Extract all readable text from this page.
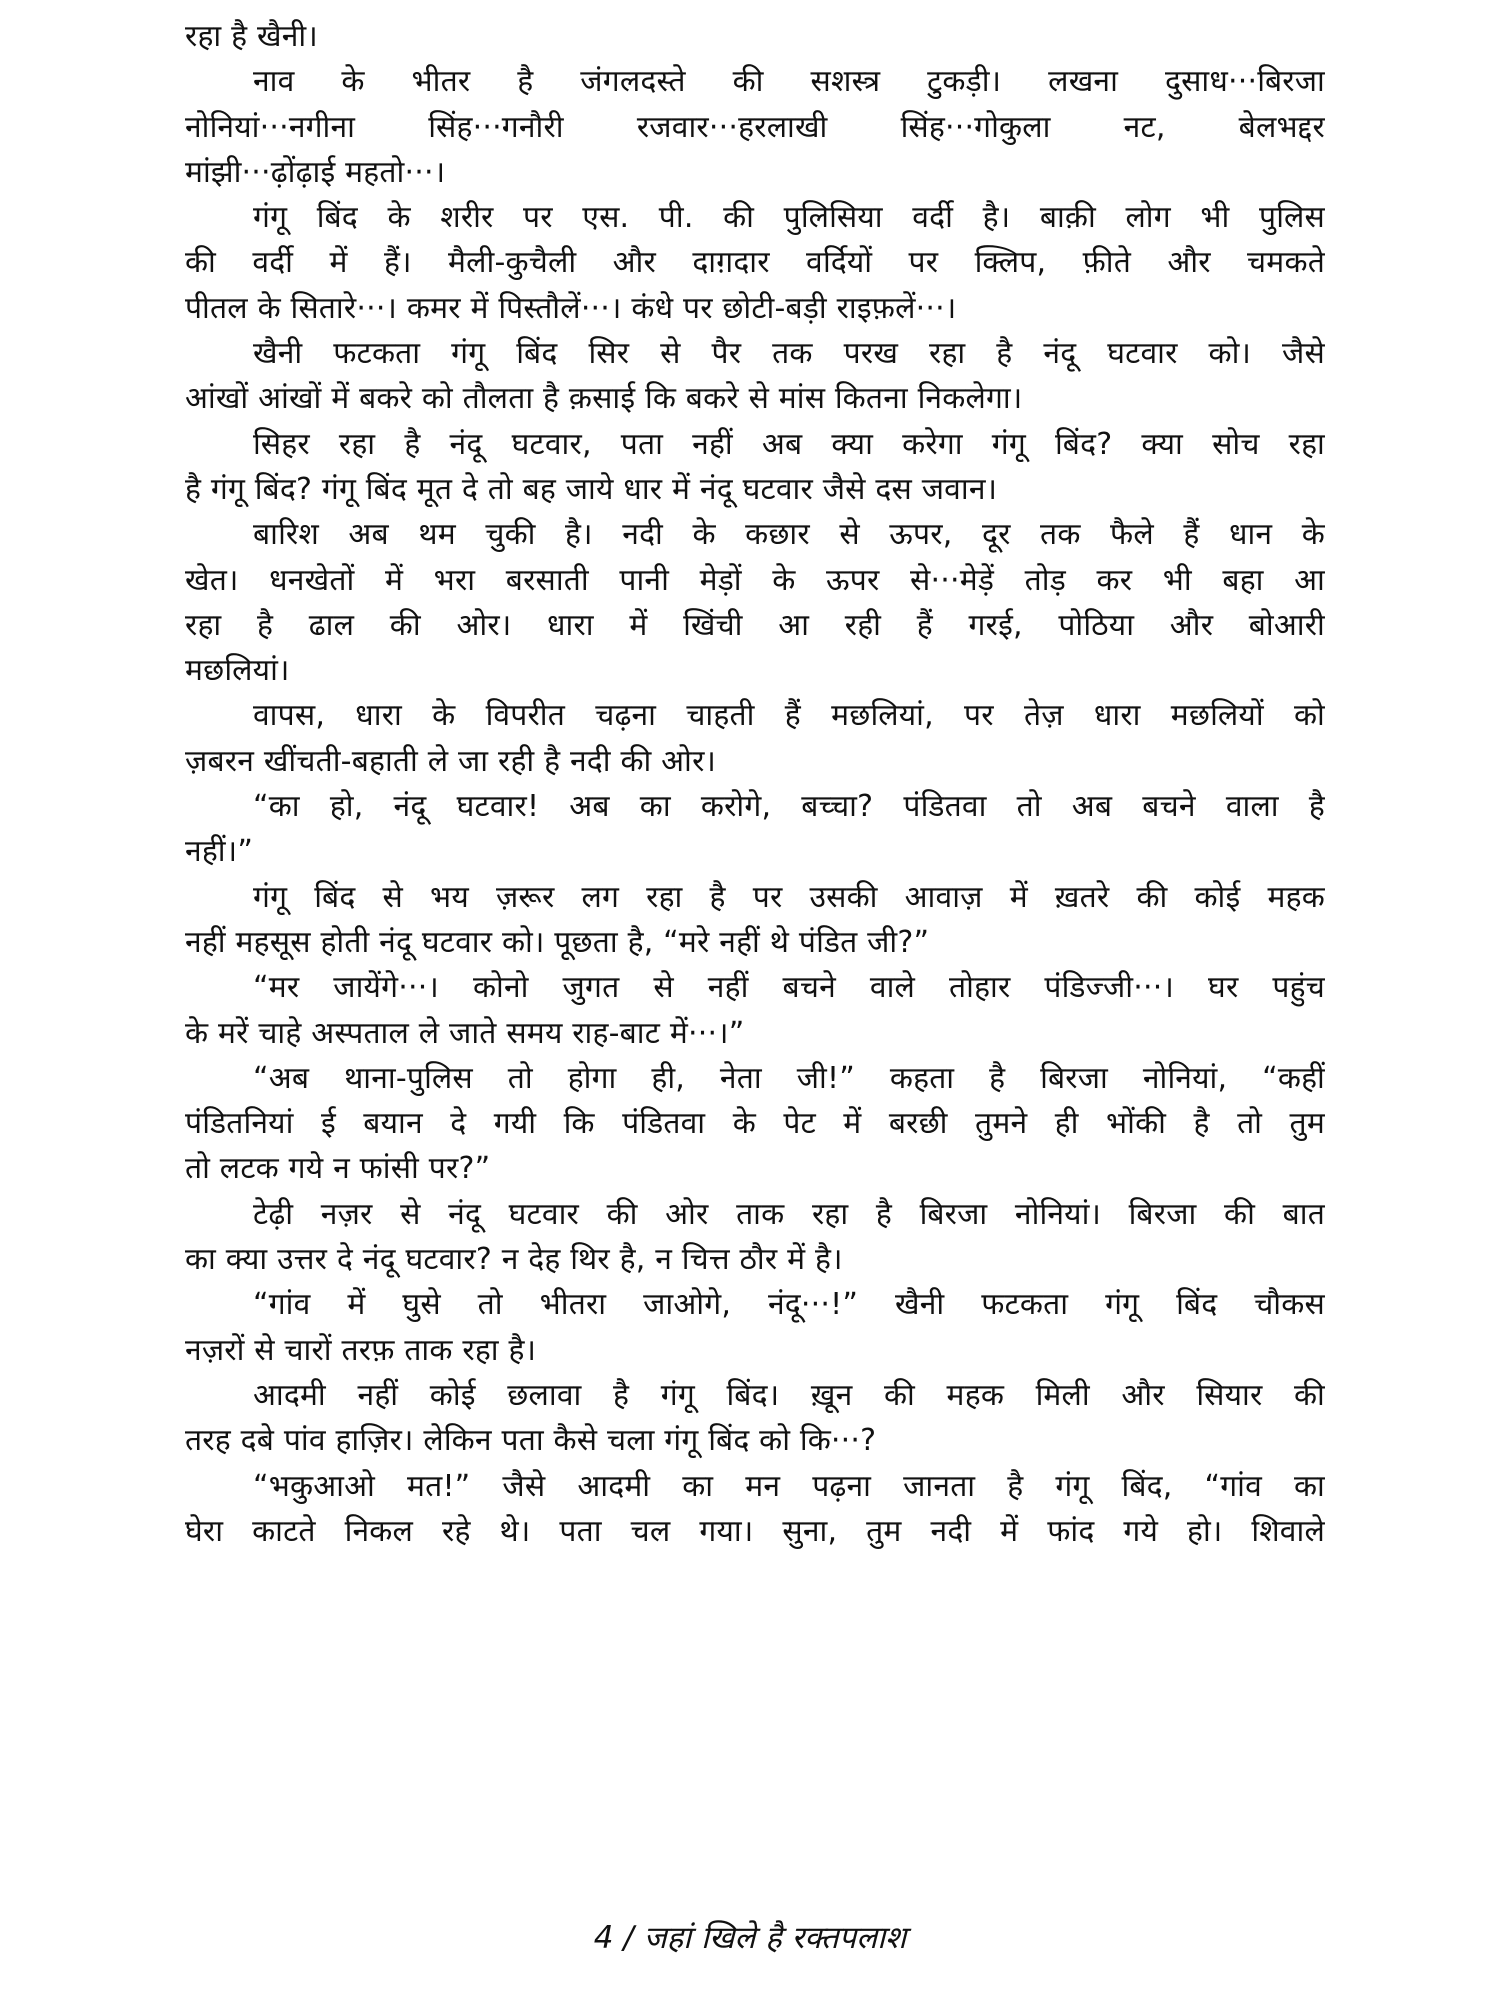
रहा है खैनी।
नाव के भीतर है जंगलदस्ते की सशस्त्र टुकड़ी। लखना दुसाध···बिरजा
नोनियां···नगीना सिंह···गनौरी रजवार···हरलाखी सिंह···गोकुला नट, बेलभद्दर
मांझी···ढ़ोंढ़ाई महतो···।
गंगू बिंद के शरीर पर एस. पी. की पुलिसिया वर्दी है। बाक़ी लोग भी पुलिस
की वर्दी में हैं। मैली-कुचैली और दाग़दार वर्दियों पर क्लिप, फ़ीते और चमकते
पीतल के सितारे···। कमर में पिस्तौलें···। कंधे पर छोटी-बड़ी राइफ़लें···।
खैनी फटकता गंगू बिंद सिर से पैर तक परख रहा है नंदू घटवार को। जैसे
आंखों आंखों में बकरे को तौलता है क़साई कि बकरे से मांस कितना निकलेगा।
सिहर रहा है नंदू घटवार, पता नहीं अब क्या करेगा गंगू बिंद? क्या सोच रहा
है गंगू बिंद? गंगू बिंद मूत दे तो बह जाये धार में नंदू घटवार जैसे दस जवान।
बारिश अब थम चुकी है। नदी के कछार से ऊपर, दूर तक फैले हैं धान के
खेत। धनखेतों में भरा बरसाती पानी मेड़ों के ऊपर से···मेड़ें तोड़ कर भी बहा आ
रहा है ढाल की ओर। धारा में खिंची आ रही हैं गरई, पोठिया और बोआरी
मछलियां।
वापस, धारा के विपरीत चढ़ना चाहती हैं मछलियां, पर तेज़ धारा मछलियों को
ज़बरन खींचती-बहाती ले जा रही है नदी की ओर।
“का हो, नंदू घटवार! अब का करोगे, बच्चा? पंडितवा तो अब बचने वाला है
नहीं।”
गंगू बिंद से भय ज़रूर लग रहा है पर उसकी आवाज़ में ख़तरे की कोई महक
नहीं महसूस होती नंदू घटवार को। पूछता है, “मरे नहीं थे पंडित जी?”
“मर जायेंगे···। कोनो जुगत से नहीं बचने वाले तोहार पंडिज्जी···। घर पहुंच
के मरें चाहे अस्पताल ले जाते समय राह-बाट में···।”
“अब थाना-पुलिस तो होगा ही, नेता जी!” कहता है बिरजा नोनियां, “कहीं
पंडितनियां ई बयान दे गयी कि पंडितवा के पेट में बरछी तुमने ही भोंकी है तो तुम
तो लटक गये न फांसी पर?”
टेढ़ी नज़र से नंदू घटवार की ओर ताक रहा है बिरजा नोनियां। बिरजा की बात
का क्या उत्तर दे नंदू घटवार? न देह थिर है, न चित्त ठौर में है।
“गांव में घुसे तो भीतरा जाओगे, नंदू···!” खैनी फटकता गंगू बिंद चौकस
नज़रों से चारों तरफ़ ताक रहा है।
आदमी नहीं कोई छलावा है गंगू बिंद। ख़ून की महक मिली और सियार की
तरह दबे पांव हाज़िर। लेकिन पता कैसे चला गंगू बिंद को कि···?
“भकुआओ मत!” जैसे आदमी का मन पढ़ना जानता है गंगू बिंद, “गांव का
घेरा काटते निकल रहे थे। पता चल गया। सुना, तुम नदी में फांद गये हो। शिवाले
4 / जहां खिले है रक्तपलाश
